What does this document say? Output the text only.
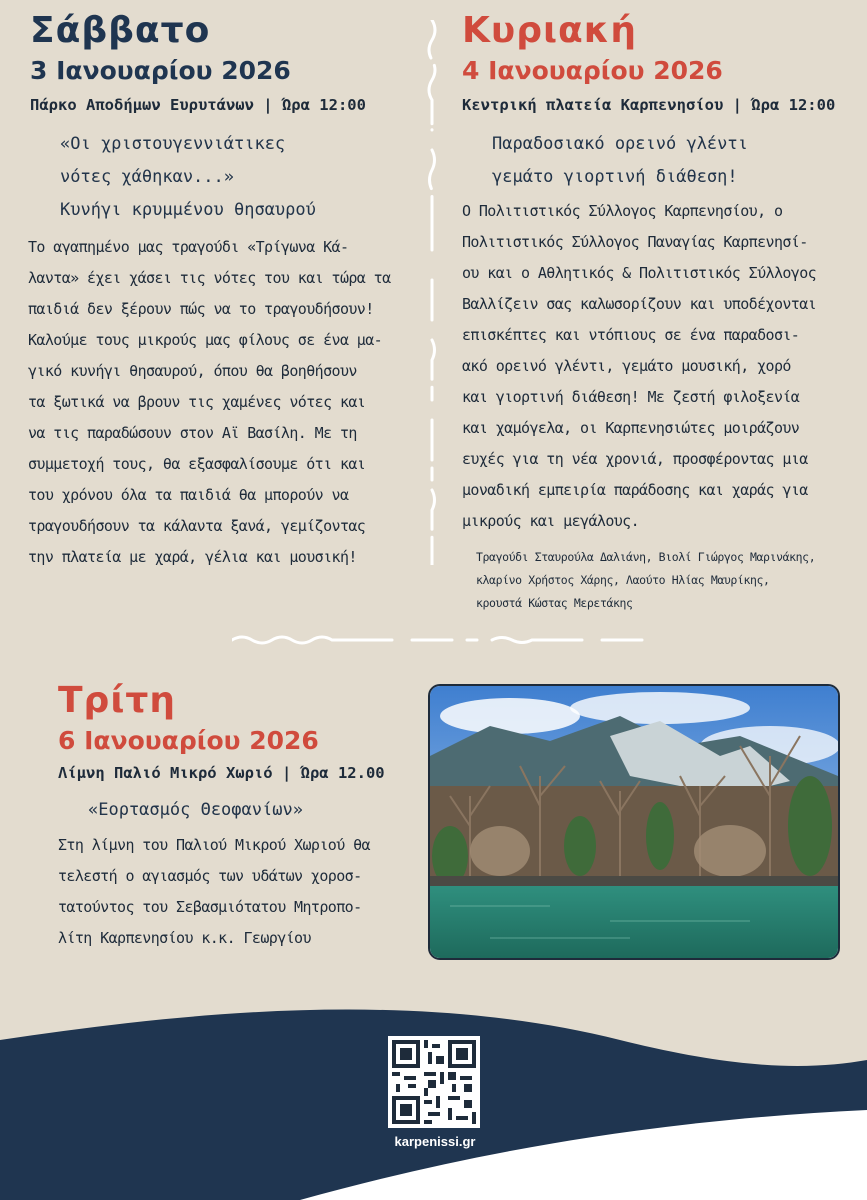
Σάββατο
3 Ιανουαρίου 2026
Πάρκο Αποδήμων Ευρυτάνων | Ώρα 12:00
«Οι χριστουγεννιάτικες
νότες χάθηκαν...»
Κυνήγι κρυμμένου θησαυρού
Το αγαπημένο μας τραγούδι «Τρίγωνα Κά-
λαντα» έχει χάσει τις νότες του και τώρα τα
παιδιά δεν ξέρουν πώς να το τραγουδήσουν!
Καλούμε τους μικρούς μας φίλους σε ένα μα-
γικό κυνήγι θησαυρού, όπου θα βοηθήσουν
τα ξωτικά να βρουν τις χαμένες νότες και
να τις παραδώσουν στον Αϊ Βασίλη. Με τη
συμμετοχή τους, θα εξασφαλίσουμε ότι και
του χρόνου όλα τα παιδιά θα μπορούν να
τραγουδήσουν τα κάλαντα ξανά, γεμίζοντας
την πλατεία με χαρά, γέλια και μουσική!
Κυριακή
4 Ιανουαρίου 2026
Κεντρική πλατεία Καρπενησίου | Ώρα 12:00
Παραδοσιακό ορεινό γλέντι
γεμάτο γιορτινή διάθεση!
Ο Πολιτιστικός Σύλλογος Καρπενησίου, ο
Πολιτιστικός Σύλλογος Παναγίας Καρπενησί-
ου και ο Αθλητικός & Πολιτιστικός Σύλλογος
Βαλλίζειν σας καλωσορίζουν και υποδέχονται
επισκέπτες και ντόπιους σε ένα παραδοσι-
ακό ορεινό γλέντι, γεμάτο μουσική, χορό
και γιορτινή διάθεση! Με ζεστή φιλοξενία
και χαμόγελα, οι Καρπενησιώτες μοιράζουν
ευχές για τη νέα χρονιά, προσφέροντας μια
μοναδική εμπειρία παράδοσης και χαράς για
μικρούς και μεγάλους.
Τραγούδι Σταυρούλα Δαλιάνη, Βιολί Γιώργος Μαρινάκης,
κλαρίνο Χρήστος Χάρης, Λαούτο Ηλίας Μαυρίκης,
κρουστά Κώστας Μερετάκης
Τρίτη
6 Ιανουαρίου 2026
Λίμνη Παλιό Μικρό Χωριό | Ώρα 12.00
«Εορτασμός Θεοφανίων»
Στη λίμνη του Παλιού Μικρού Χωριού θα
τελεστή ο αγιασμός των υδάτων χοροσ-
τατούντος του Σεβασμιότατου Μητροπο-
λίτη Καρπενησίου κ.κ. Γεωργίου
karpenissi.gr
